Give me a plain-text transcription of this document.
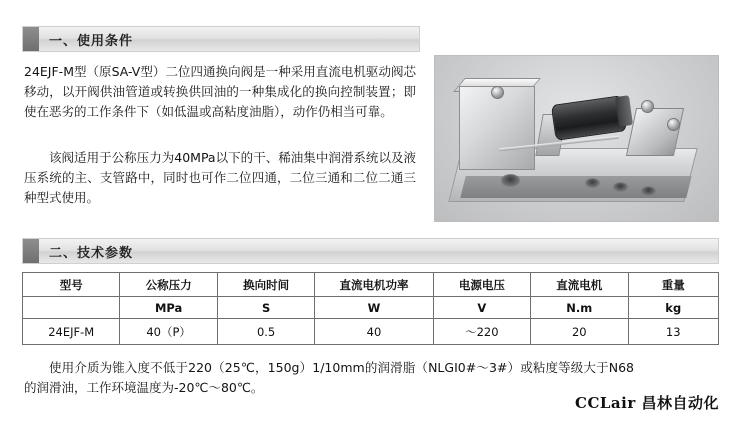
一、使用条件
24EJF-M型（原SA-V型）二位四通换向阀是一种采用直流电机驱动阀芯移动，以开阀供油管道或转换供回油的一种集成化的换向控制装置；即使在恶劣的工作条件下（如低温或高粘度油脂），动作仍相当可靠。
该阀适用于公称压力为40MPa以下的干、稀油集中润滑系统以及液压系统的主、支管路中，同时也可作二位四通，二位三通和二位二通三种型式使用。
二、技术参数
型号	公称压力	换向时间	直流电机功率	电源电压	直流电机	重量
	MPa	S	W	V	N.m	kg
24EJF-M	40（P）	0.5	40	～220	20	13
使用介质为锥入度不低于220（25℃，150g）1/10mm的润滑脂（NLGI0#～3#）或粘度等级大于N68的润滑油，工作环境温度为-20℃～80℃。
CCLair 昌林自动化
